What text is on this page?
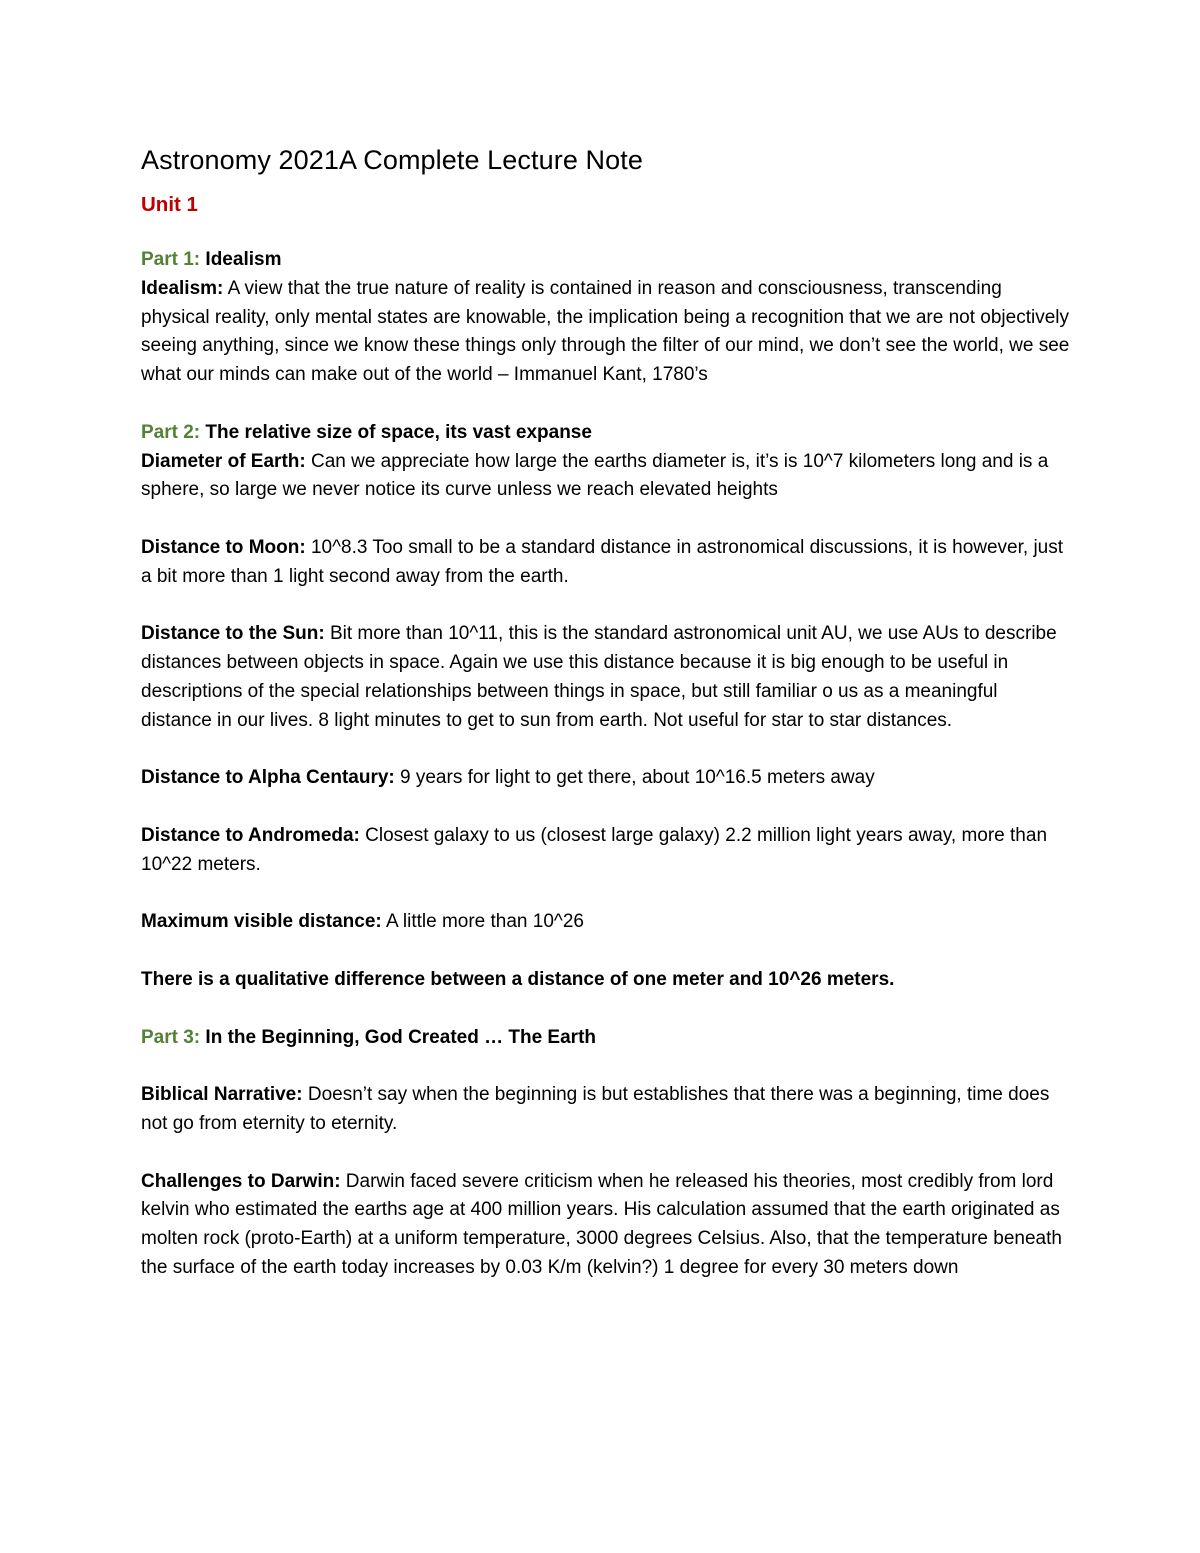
Astronomy 2021A Complete Lecture Note
Unit 1
Part 1: Idealism

Idealism: A view that the true nature of reality is contained in reason and consciousness, transcending physical reality, only mental states are knowable, the implication being a recognition that we are not objectively seeing anything, since we know these things only through the filter of our mind, we don’t see the world, we see what our minds can make out of the world – Immanuel Kant, 1780’s

Part 2: The relative size of space, its vast expanse

Diameter of Earth: Can we appreciate how large the earths diameter is, it’s is 10^7 kilometers long and is a sphere, so large we never notice its curve unless we reach elevated heights

Distance to Moon: 10^8.3 Too small to be a standard distance in astronomical discussions, it is however, just a bit more than 1 light second away from the earth.

Distance to the Sun: Bit more than 10^11, this is the standard astronomical unit AU, we use AUs to describe distances between objects in space. Again we use this distance because it is big enough to be useful in descriptions of the special relationships between things in space, but still familiar o us as a meaningful distance in our lives. 8 light minutes to get to sun from earth. Not useful for star to star distances.

Distance to Alpha Centaury: 9 years for light to get there, about 10^16.5 meters away

Distance to Andromeda: Closest galaxy to us (closest large galaxy) 2.2 million light years away, more than 10^22 meters.

Maximum visible distance: A little more than 10^26

There is a qualitative difference between a distance of one meter and 10^26 meters.

Part 3: In the Beginning, God Created … The Earth

Biblical Narrative: Doesn’t say when the beginning is but establishes that there was a beginning, time does not go from eternity to eternity.

Challenges to Darwin: Darwin faced severe criticism when he released his theories, most credibly from lord kelvin who estimated the earths age at 400 million years. His calculation assumed that the earth originated as molten rock (proto-Earth) at a uniform temperature, 3000 degrees Celsius. Also, that the temperature beneath the surface of the earth today increases by 0.03 K/m (kelvin?) 1 degree for every 30 meters down
